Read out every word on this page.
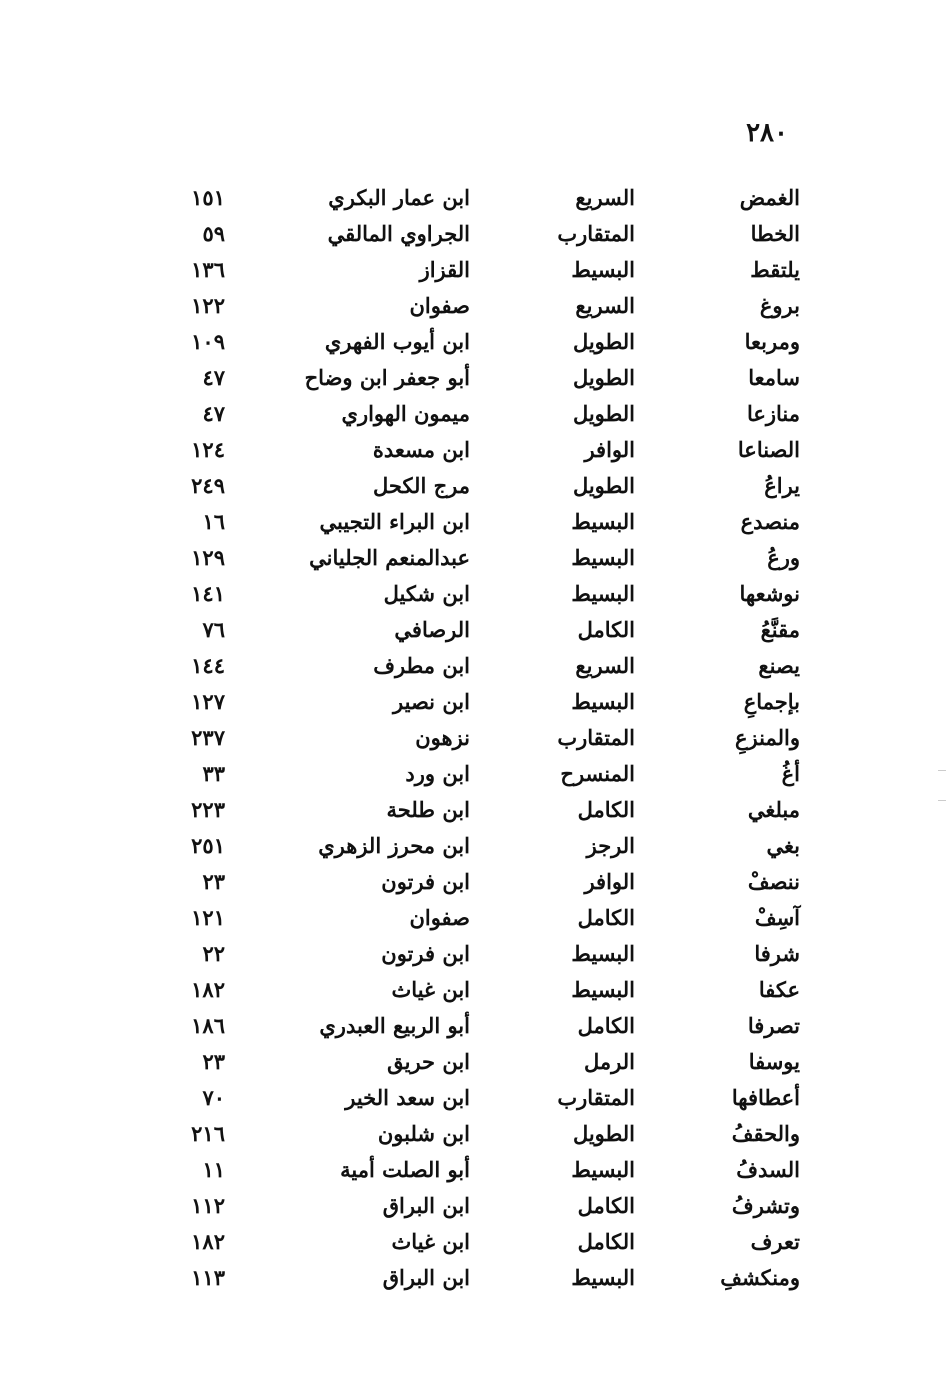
٢٨٠
الغمض
السريع
ابن عمار البكري
١٥١
الخطا
المتقارب
الجراوي المالقي
٥٩
يلتقط
البسيط
القزاز
١٣٦
بروغ
السريع
صفوان
١٢٢
ومربعا
الطويل
ابن أيوب الفهري
١٠٩
سامعا
الطويل
أبو جعفر ابن وضاح
٤٧
منازعا
الطويل
ميمون الهواري
٤٧
الصناعا
الوافر
ابن مسعدة
١٢٤
يراعُ
الطويل
مرج الكحل
٢٤٩
منصدع
البسيط
ابن البراء التجيبي
١٦
ورعُ
البسيط
عبدالمنعم الجلياني
١٢٩
نوشعها
البسيط
ابن شكيل
١٤١
مقنَّعُ
الكامل
الرصافي
٧٦
يصنع
السريع
ابن مطرف
١٤٤
بإجماعِ
البسيط
ابن نصير
١٢٧
والمنزعِ
المتقارب
نزهون
٢٣٧
أغُ
المنسرح
ابن ورد
٣٣
مبلغي
الكامل
ابن طلحة
٢٢٣
بغي
الرجز
ابن محرز الزهري
٢٥١
ننصفْ
الوافر
ابن فرتون
٢٣
آسِفْ
الكامل
صفوان
١٢١
شرفا
البسيط
ابن فرتون
٢٢
عكفا
البسيط
ابن غياث
١٨٢
تصرفا
الكامل
أبو الربيع العبدري
١٨٦
يوسفا
الرمل
ابن حريق
٢٣
أعطافها
المتقارب
ابن سعد الخير
٧٠
والحقفُ
الطويل
ابن شلبون
٢١٦
السدفُ
البسيط
أبو الصلت أمية
١١
وتشرفُ
الكامل
ابن البراق
١١٢
تعرف
الكامل
ابن غياث
١٨٢
ومنكشفِ
البسيط
ابن البراق
١١٣
